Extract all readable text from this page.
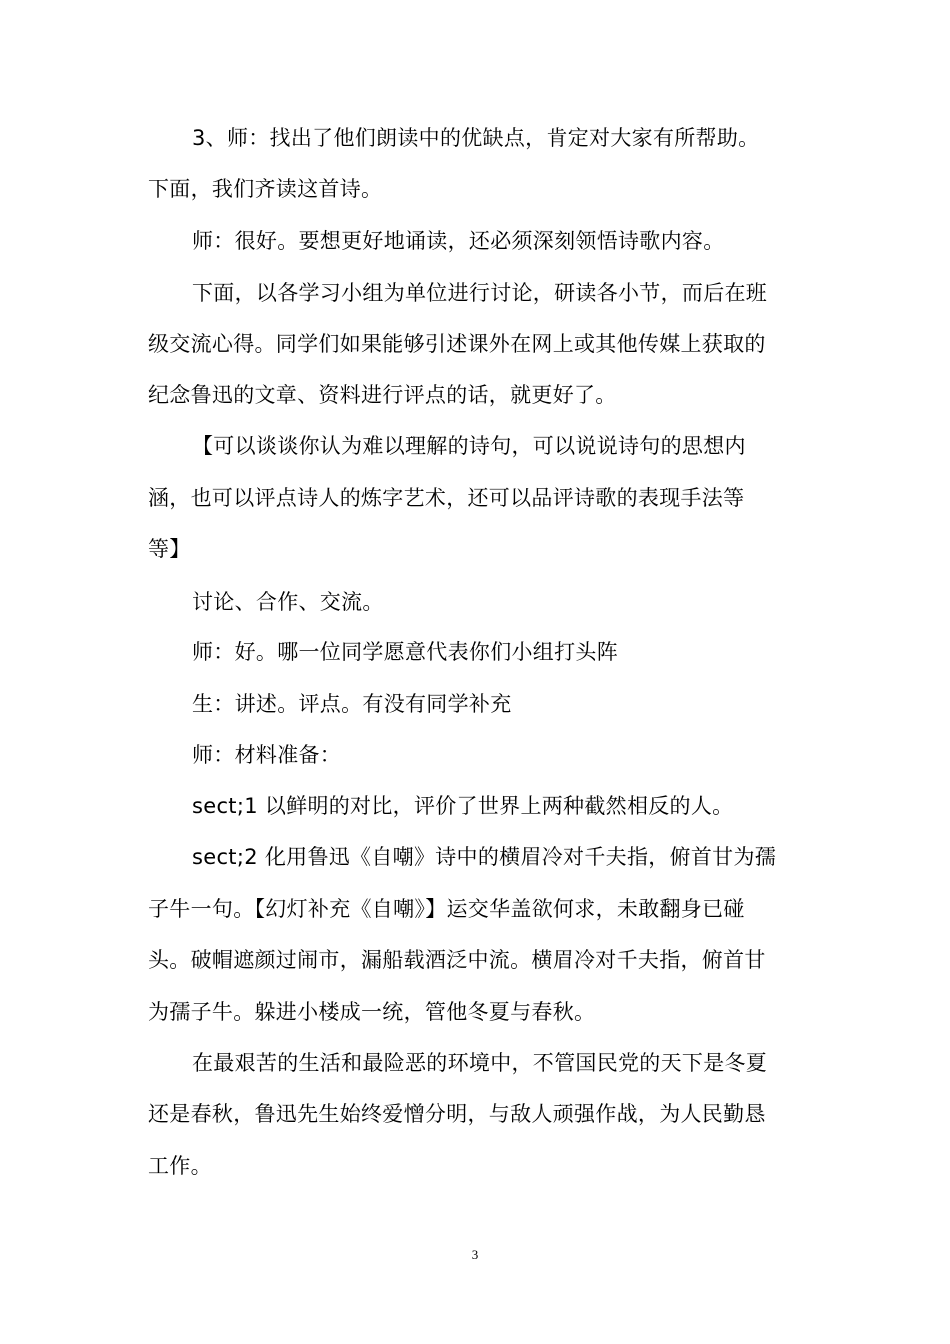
3、师：找出了他们朗读中的优缺点，肯定对大家有所帮助。
下面，我们齐读这首诗。
师：很好。要想更好地诵读，还必须深刻领悟诗歌内容。
下面，以各学习小组为单位进行讨论，研读各小节，而后在班
级交流心得。同学们如果能够引述课外在网上或其他传媒上获取的
纪念鲁迅的文章、资料进行评点的话，就更好了。
【可以谈谈你认为难以理解的诗句，可以说说诗句的思想内
涵，也可以评点诗人的炼字艺术，还可以品评诗歌的表现手法等
等】
讨论、合作、交流。
师：好。哪一位同学愿意代表你们小组打头阵
生：讲述。评点。有没有同学补充
师：材料准备：
sect;1 以鲜明的对比，评价了世界上两种截然相反的人。
sect;2 化用鲁迅《自嘲》诗中的横眉冷对千夫指，俯首甘为孺
子牛一句。【幻灯补充《自嘲》】运交华盖欲何求，未敢翻身已碰
头。破帽遮颜过闹市，漏船载酒泛中流。横眉冷对千夫指，俯首甘
为孺子牛。躲进小楼成一统，管他冬夏与春秋。
在最艰苦的生活和最险恶的环境中，不管国民党的天下是冬夏
还是春秋，鲁迅先生始终爱憎分明，与敌人顽强作战，为人民勤恳
工作。
3
